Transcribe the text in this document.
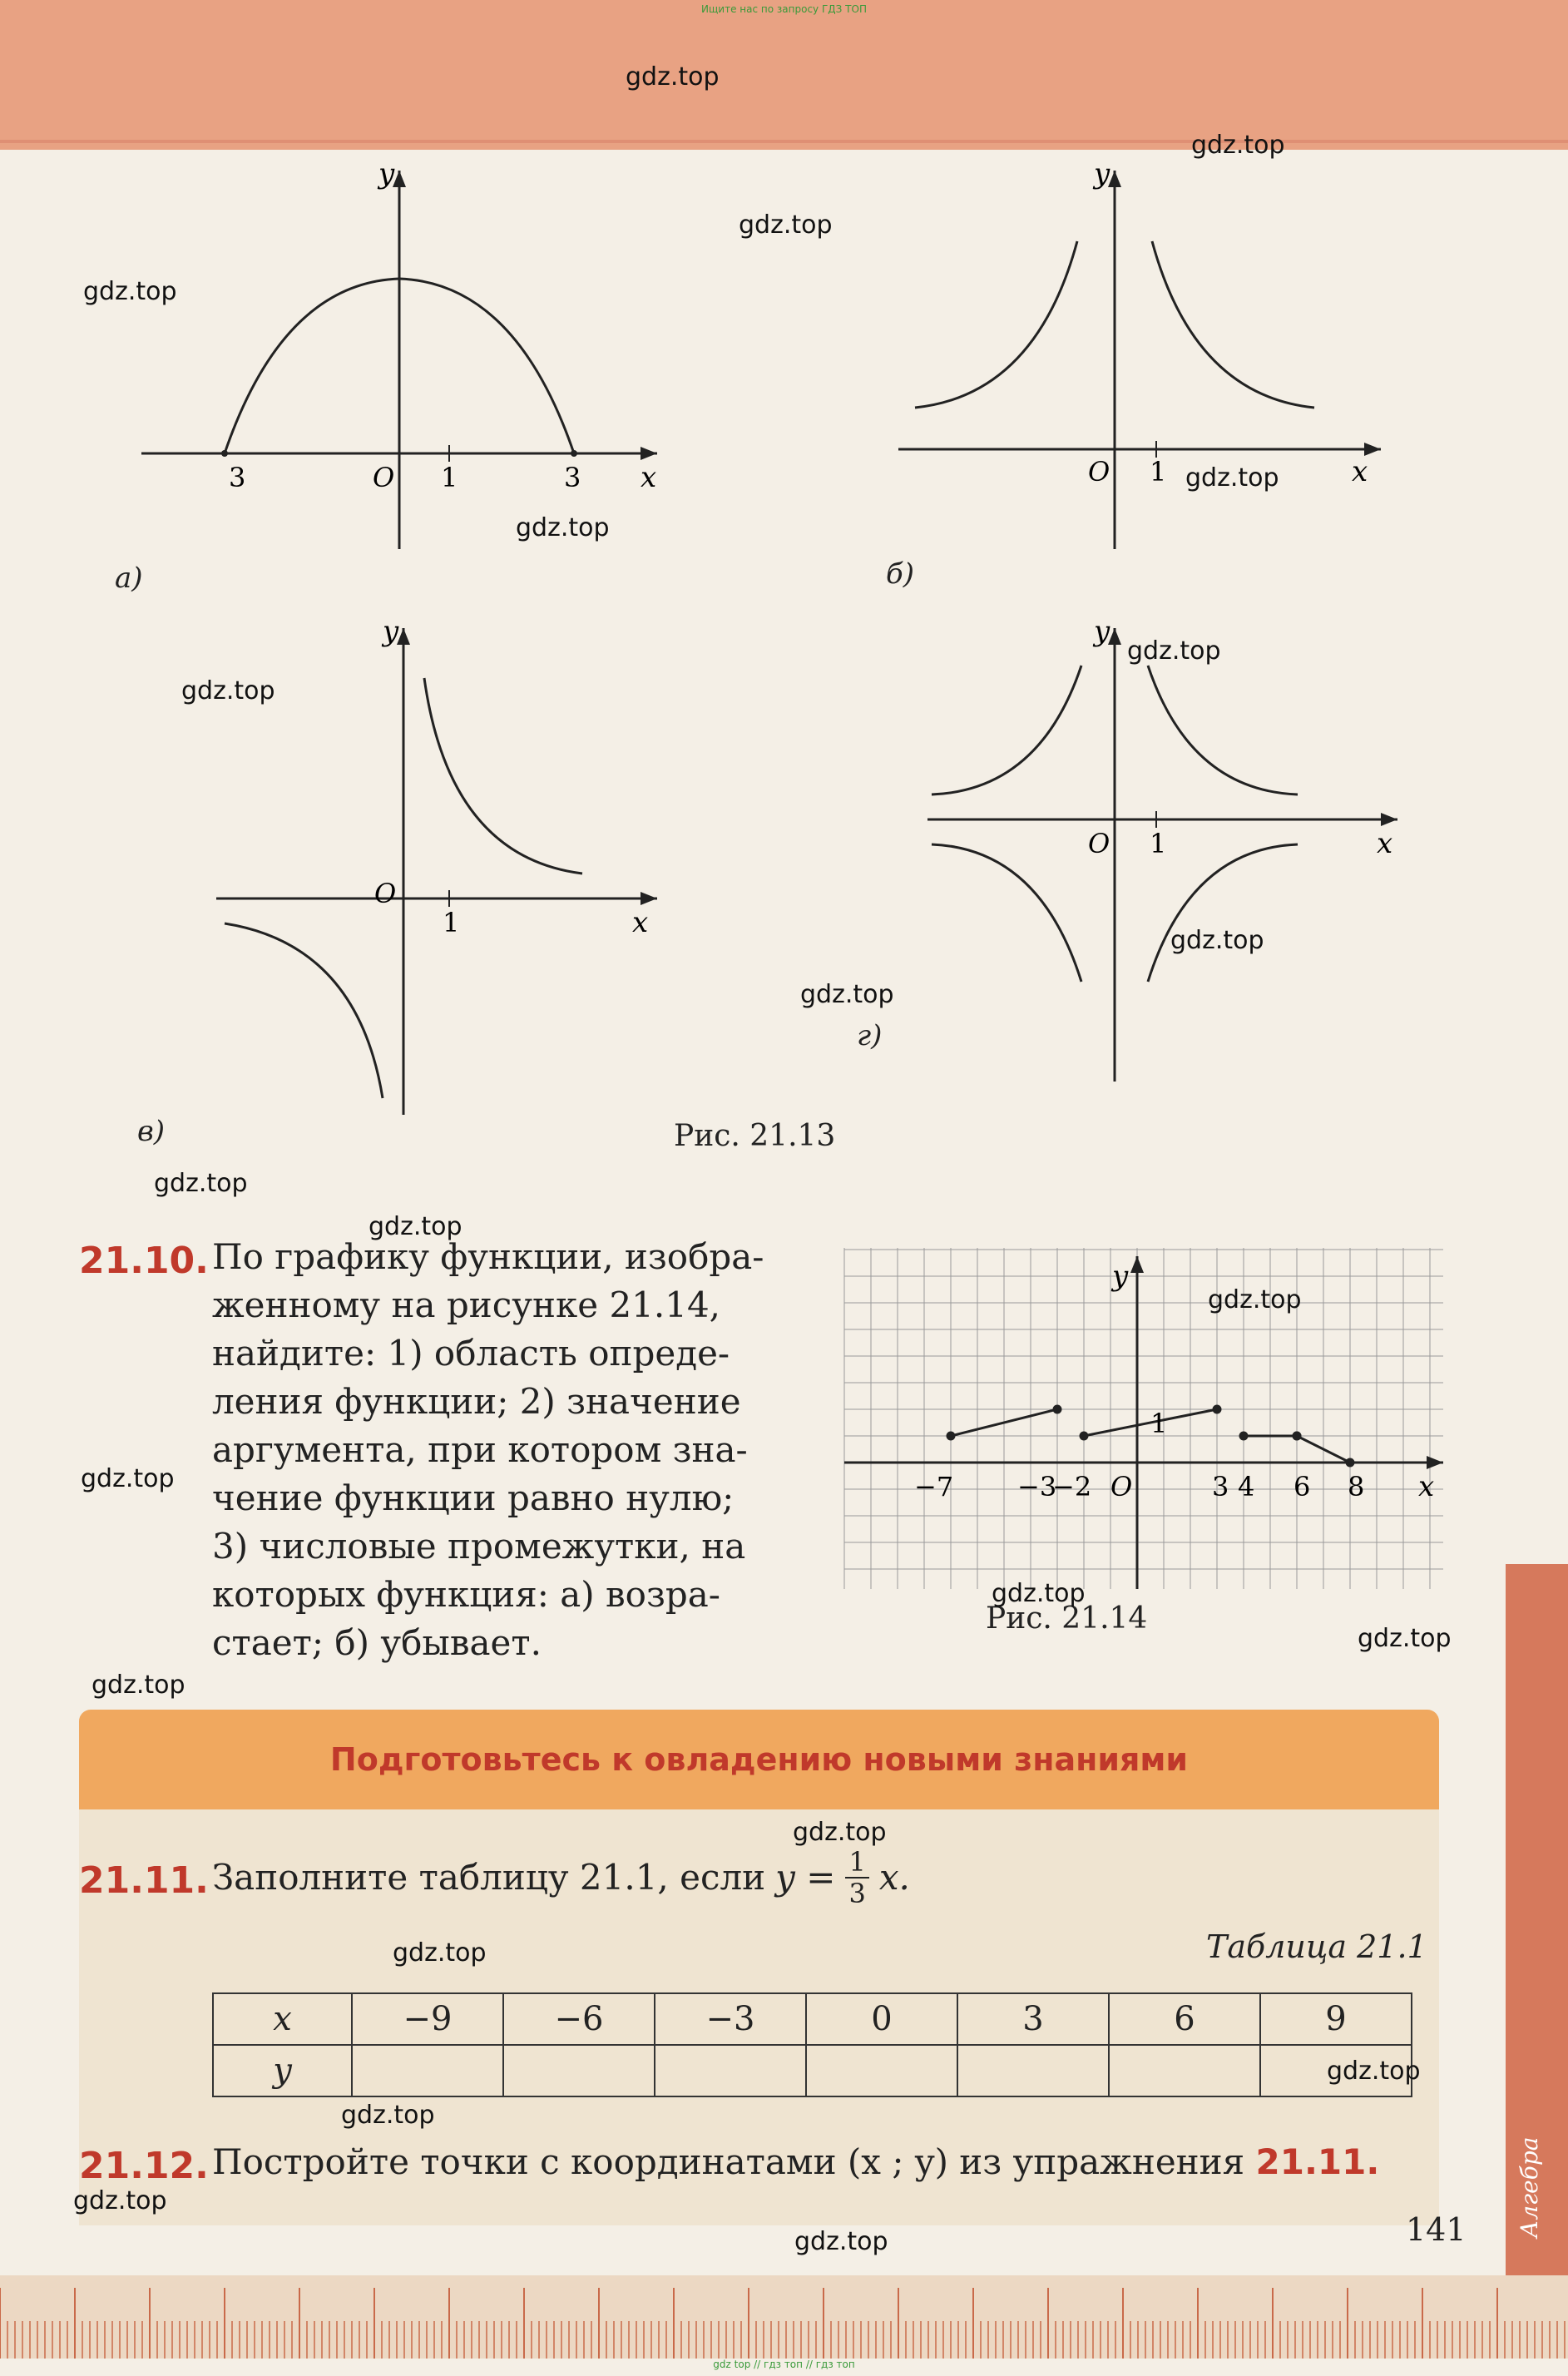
Ищите нас по запросу ГДЗ ТОП
y
x
O
3	1	3
а)
y
x
O 1
б)
y
x
O
1
в)
y
x
O 1
г)
Рис. 21.13
21.10. По графику функции, изобра-
женному на рисунке 21.14,
найдите: 1) область опреде-
ления функции; 2) значение
аргумента, при котором зна-
чение функции равно нулю;
3) числовые промежутки, на
которых функция: а) возра-
стает; б) убывает.
y
x
O
1
−7 −3
−2	3 4 6 8
Рис. 21.14
Подготовьтесь к овладению новыми знаниями
21.11. Заполните таблицу 21.1, если $y = \frac{1}{3} x$.
Таблица 21.1
x	−9	−6	−3	0	3	6	9
y							
21.12. Постройте точки с координатами (x ; y) из упражнения 21.11.	Алгебра
141
gdz top // гдз топ // гдз топ
gdz.top
gdz.top
gdz.top
gdz.top
gdz.top
gdz.top
gdz.top
gdz.top
gdz.top
gdz.top
gdz.top
gdz.top
gdz.top
gdz.top
gdz.top
gdz.top
gdz.top
gdz.top
gdz.top
gdz.top
gdz.top
gdz.top
gdz.top
